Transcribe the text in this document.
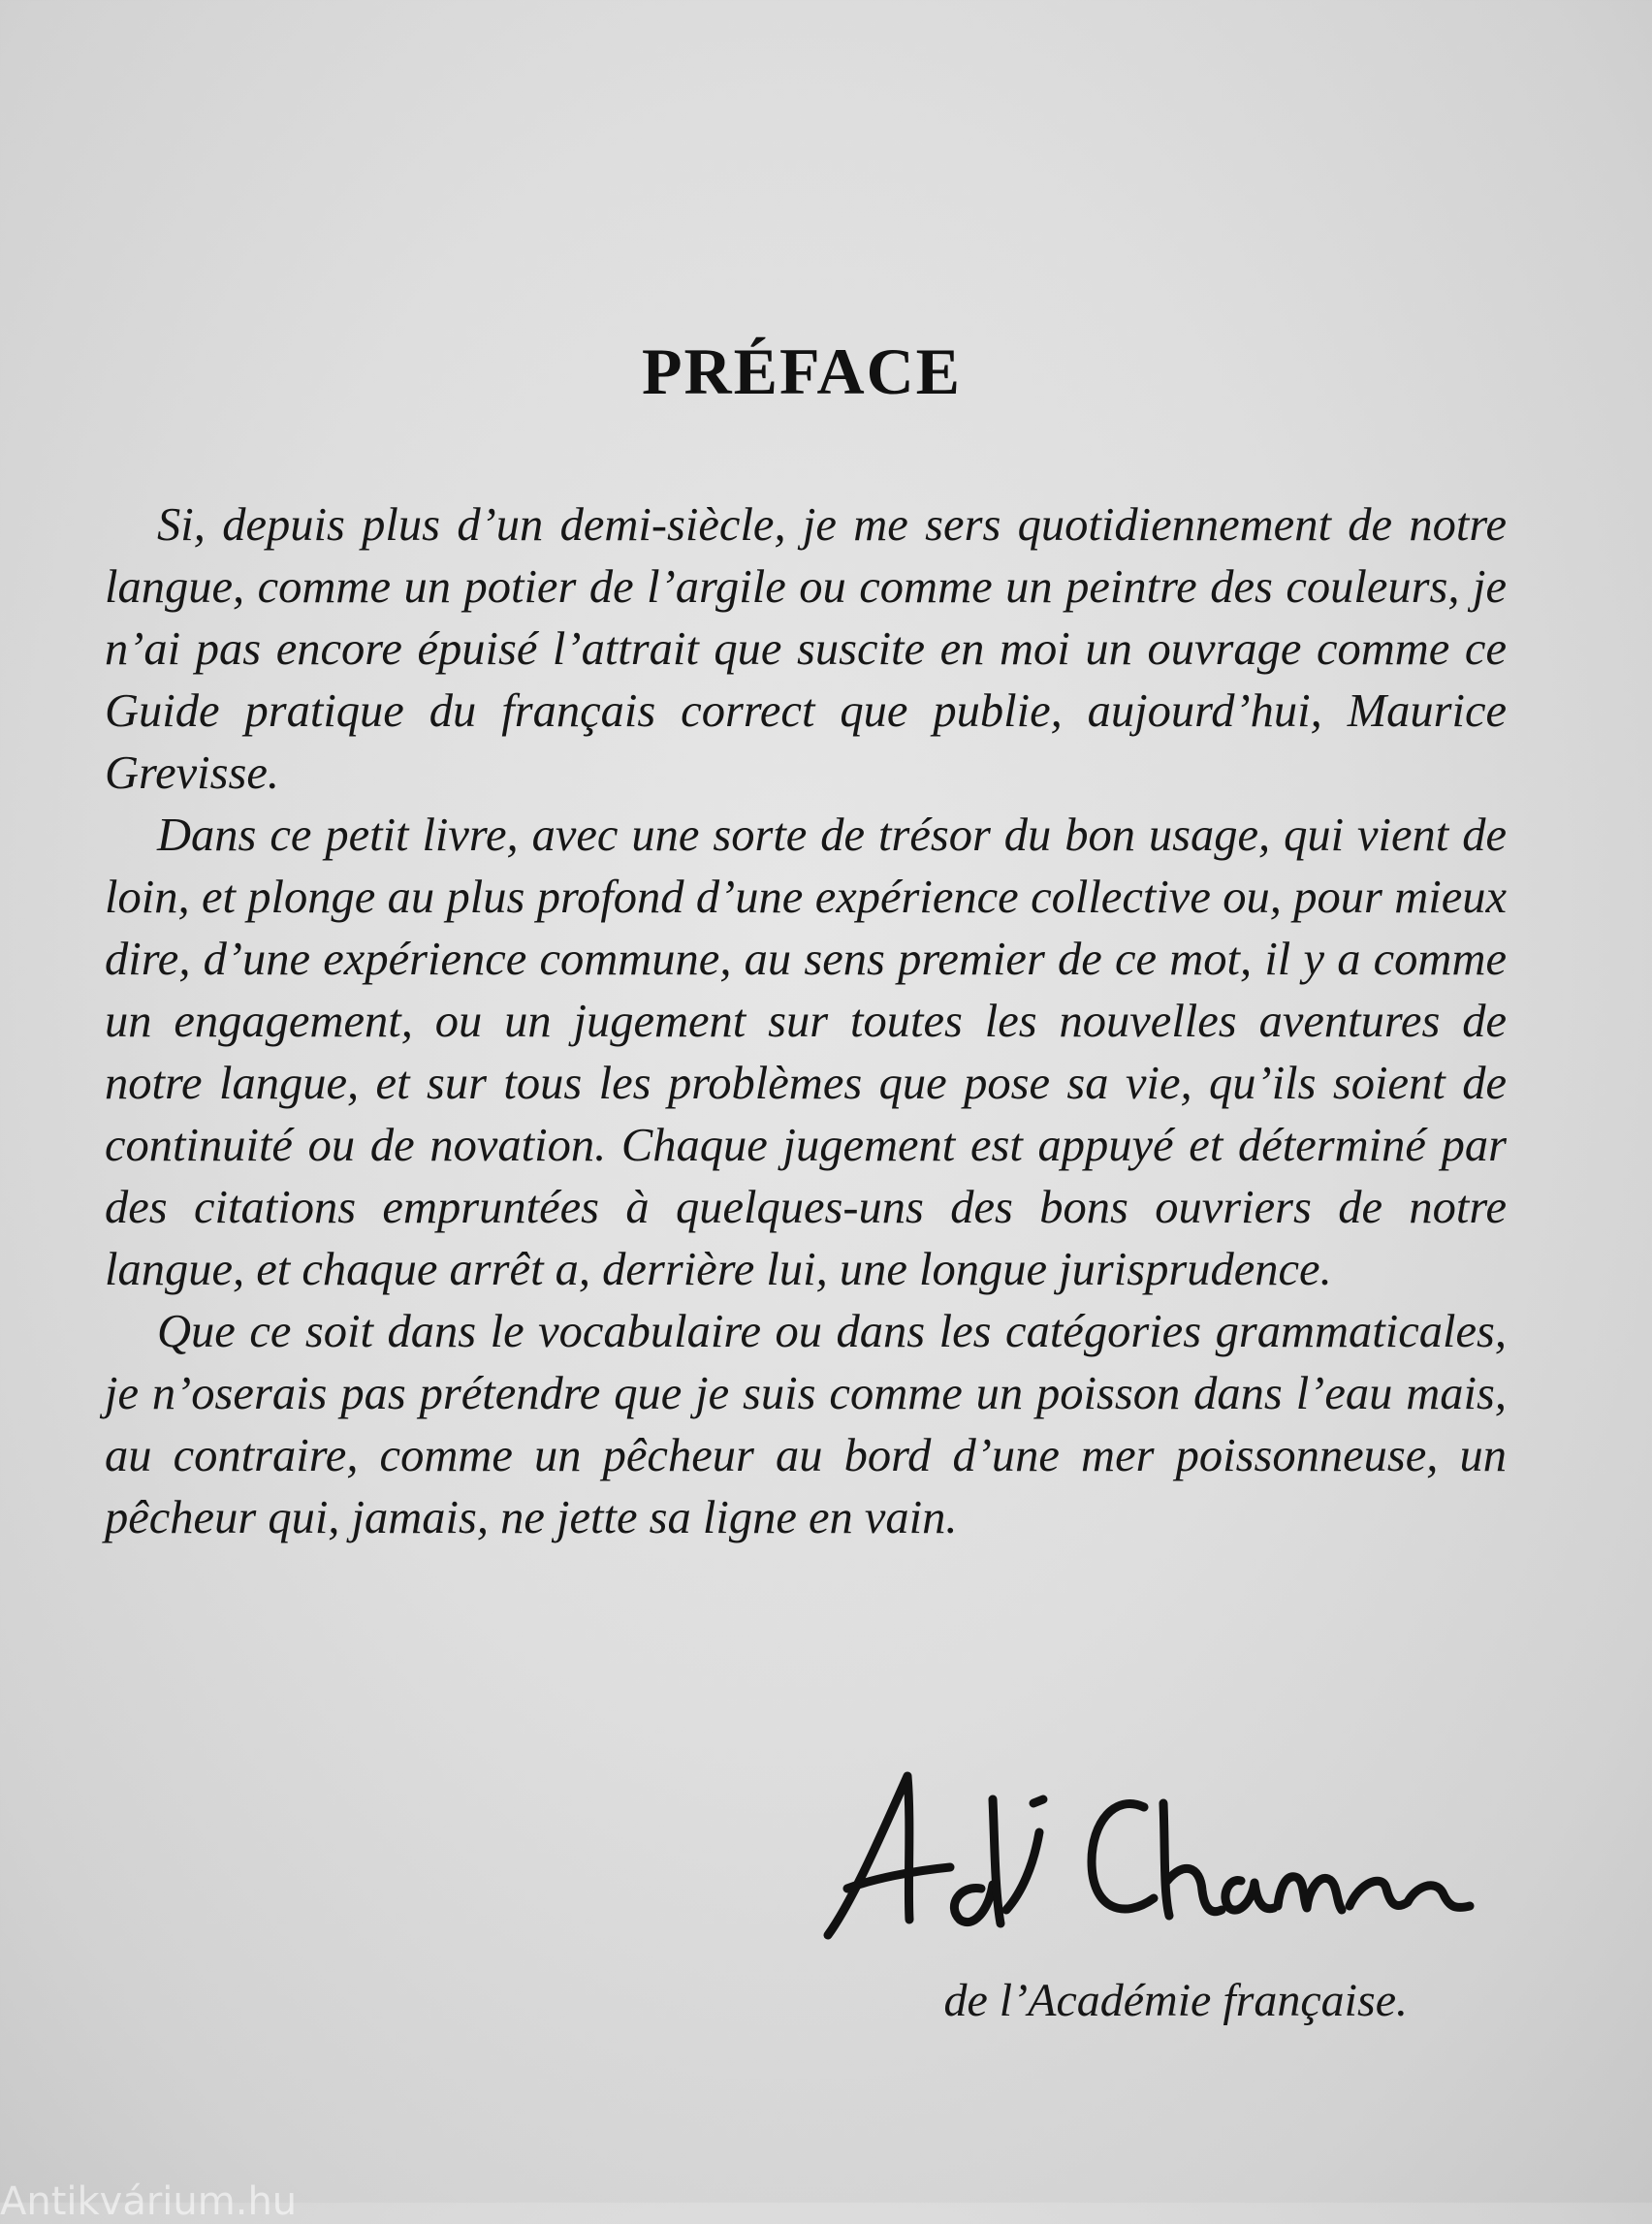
PRÉFACE

Si, depuis plus d’un demi-siècle, je me sers quotidiennement de notre langue, comme un potier de l’argile ou comme un peintre des couleurs, je n’ai pas encore épuisé l’attrait que suscite en moi un ouvrage comme ce Guide pratique du français correct que publie, aujourd’hui, Maurice Grevisse.

Dans ce petit livre, avec une sorte de trésor du bon usage, qui vient de loin, et plonge au plus profond d’une expérience collective ou, pour mieux dire, d’une expérience commune, au sens premier de ce mot, il y a comme un engagement, ou un jugement sur toutes les nouvelles aventures de notre langue, et sur tous les problèmes que pose sa vie, qu’ils soient de continuité ou de novation. Chaque jugement est appuyé et déterminé par des citations empruntées à quelques-uns des bons ouvriers de notre langue, et chaque arrêt a, derrière lui, une longue jurisprudence.

Que ce soit dans le vocabulaire ou dans les catégories grammaticales, je n’oserais pas prétendre que je suis comme un poisson dans l’eau mais, au contraire, comme un pêcheur au bord d’une mer poissonneuse, un pêcheur qui, jamais, ne jette sa ligne en vain.

de l’Académie française.
Antikvárium.hu
